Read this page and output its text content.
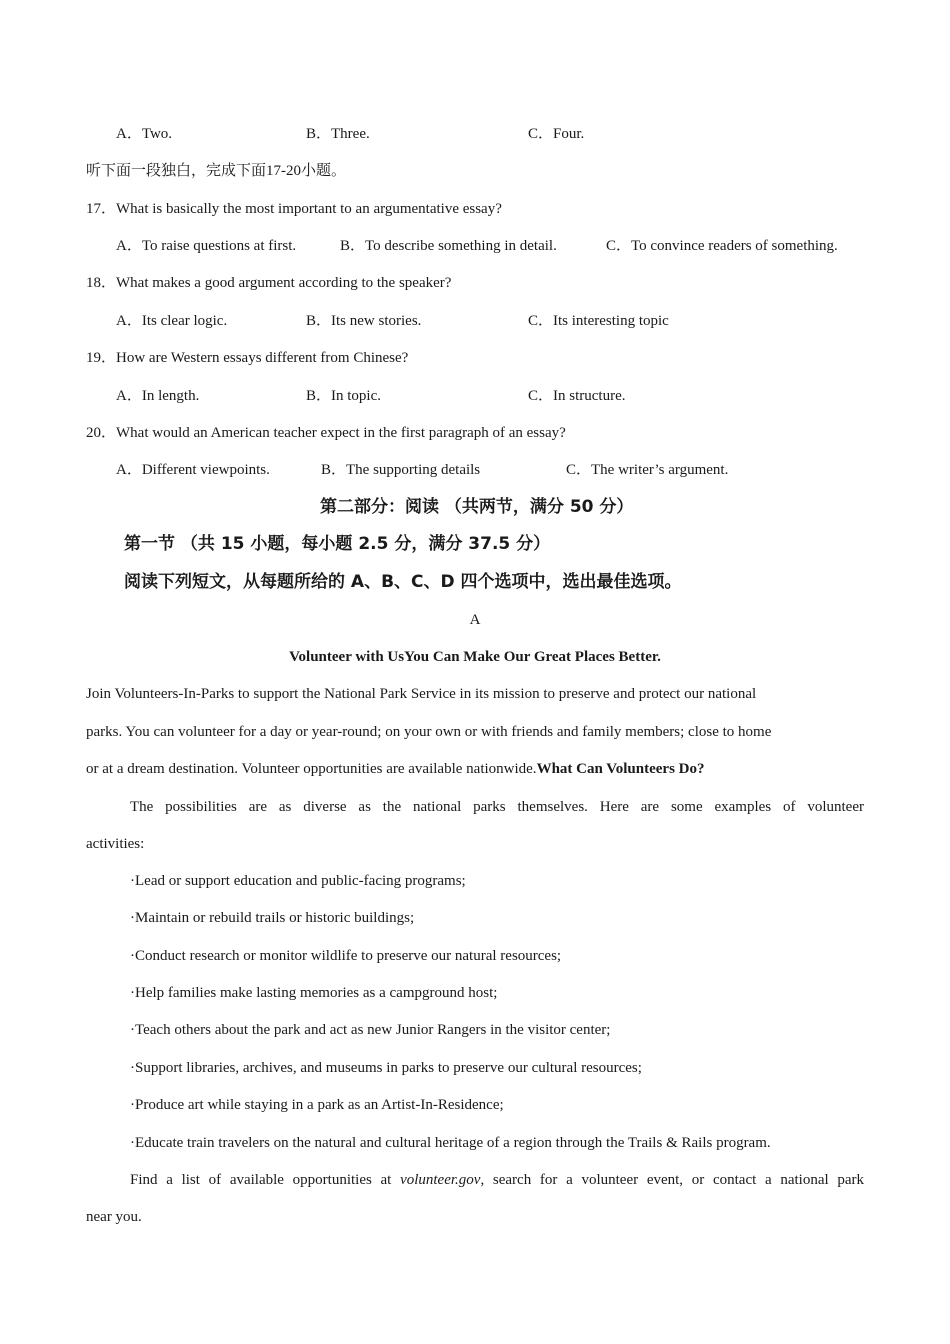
A．Two.	B．Three.	C．Four.
听下面一段独白，完成下面17-20小题。
17．What is basically the most important to an argumentative essay?
A．To raise questions at first.	B．To describe something in detail.	C．To convince readers of something.
18．What makes a good argument according to the speaker?
A．Its clear logic.	B．Its new stories.	C．Its interesting topic
19．How are Western essays different from Chinese?
A．In length.	B．In topic.	C．In structure.
20．What would an American teacher expect in the first paragraph of an essay?
A．Different viewpoints.	B．The supporting details	C．The writer’s argument.
第二部分：阅读 （共两节，满分 50 分）
第一节 （共 15 小题，每小题 2.5 分，满分 37.5 分）
阅读下列短文，从每题所给的 A、B、C、D 四个选项中，选出最佳选项。
A
Volunteer with UsYou Can Make Our Great Places Better.
Join Volunteers-In-Parks to support the National Park Service in its mission to preserve and protect our national
parks. You can volunteer for a day or year-round; on your own or with friends and family members; close to home
or at a dream destination. Volunteer opportunities are available nationwide.What Can Volunteers Do?
The possibilities are as diverse as the national parks themselves. Here are some examples of volunteer
activities:
·Lead or support education and public-facing programs;
·Maintain or rebuild trails or historic buildings;
·Conduct research or monitor wildlife to preserve our natural resources;
·Help families make lasting memories as a campground host;
·Teach others about the park and act as new Junior Rangers in the visitor center;
·Support libraries, archives, and museums in parks to preserve our cultural resources;
·Produce art while staying in a park as an Artist-In-Residence;
·Educate train travelers on the natural and cultural heritage of a region through the Trails & Rails program.
Find a list of available opportunities at volunteer.gov, search for a volunteer event, or contact a national park
near you.
